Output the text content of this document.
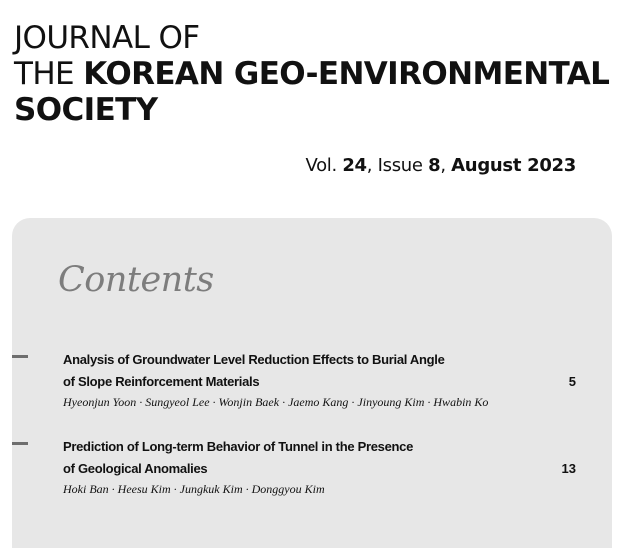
JOURNAL OF
THE KOREAN GEO-ENVIRONMENTAL
SOCIETY
Vol. 24, Issue 8, August 2023
Contents
Analysis of Groundwater Level Reduction Effects to Burial Angle
of Slope Reinforcement Materials	5
Hyeonjun Yoon · Sungyeol Lee · Wonjin Baek · Jaemo Kang · Jinyoung Kim · Hwabin Ko
Prediction of Long-term Behavior of Tunnel in the Presence
of Geological Anomalies	13
Hoki Ban · Heesu Kim · Jungkuk Kim · Donggyou Kim
